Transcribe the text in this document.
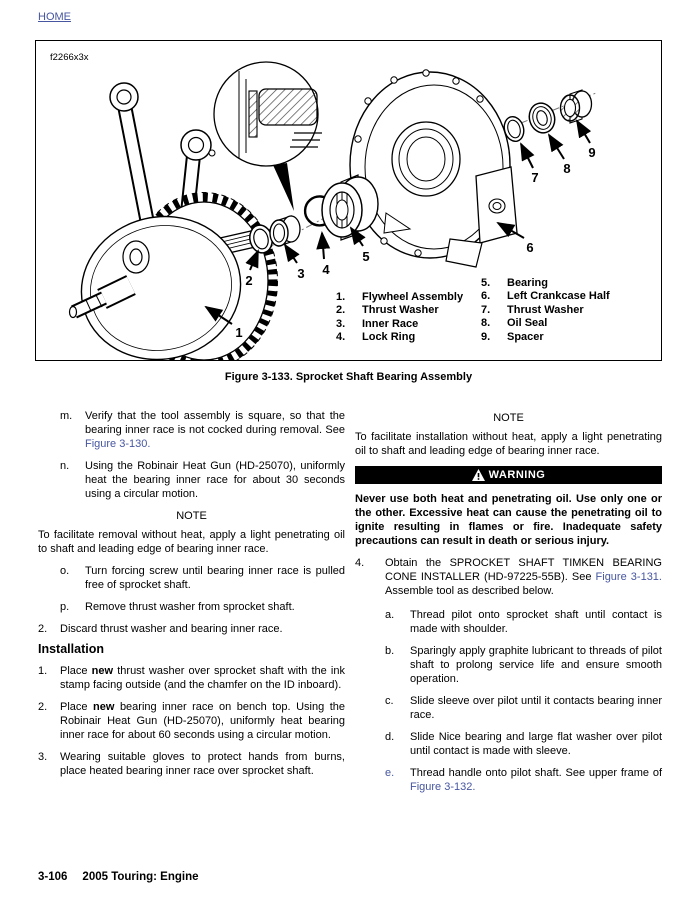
HOME
1
2	3 4
5
6
7
8
9
f2266x3x
1.	Flywheel Assembly
2.	Thrust Washer
3.	Inner Race
4.	Lock Ring
5.	Bearing
6.	Left Crankcase Half
7.	Thrust Washer
8.	Oil Seal
9.	Spacer
Figure 3-133. Sprocket Shaft Bearing Assembly
m.	Verify that the tool assembly is square, so that the bearing inner race is not cocked during removal. See Figure 3-130.
n.	Using the Robinair Heat Gun (HD-25070), uniformly heat the bearing inner race for about 30 seconds using a circular motion.
NOTE
To facilitate removal without heat, apply a light penetrating oil to shaft and leading edge of bearing inner race.
o.	Turn forcing screw until bearing inner race is pulled free of sprocket shaft.
p.	Remove thrust washer from sprocket shaft.
2.	Discard thrust washer and bearing inner race.
Installation
1.	Place new thrust washer over sprocket shaft with the ink stamp facing outside (and the chamfer on the ID inboard).
2.	Place new bearing inner race on bench top. Using the Robinair Heat Gun (HD-25070), uniformly heat bearing inner race for about 60 seconds using a circular motion.
3.	Wearing suitable gloves to protect hands from burns, place heated bearing inner race over sprocket shaft.
NOTE
To facilitate installation without heat, apply a light penetrating oil to shaft and leading edge of bearing inner race.
WARNING
Never use both heat and penetrating oil. Use only one or the other. Excessive heat can cause the penetrating oil to ignite resulting in flames or fire. Inadequate safety precautions can result in death or serious injury.
4.	Obtain the SPROCKET SHAFT TIMKEN BEARING CONE INSTALLER (HD-97225-55B). See Figure 3-131. Assemble tool as described below.
a.	Thread pilot onto sprocket shaft until contact is made with shoulder.
b.	Sparingly apply graphite lubricant to threads of pilot shaft to prolong service life and ensure smooth operation.
c.	Slide sleeve over pilot until it contacts bearing inner race.
d.	Slide Nice bearing and large flat washer over pilot until contact is made with sleeve.
e.	Thread handle onto pilot shaft. See upper frame of Figure 3-132.
3-106 2005 Touring: Engine
